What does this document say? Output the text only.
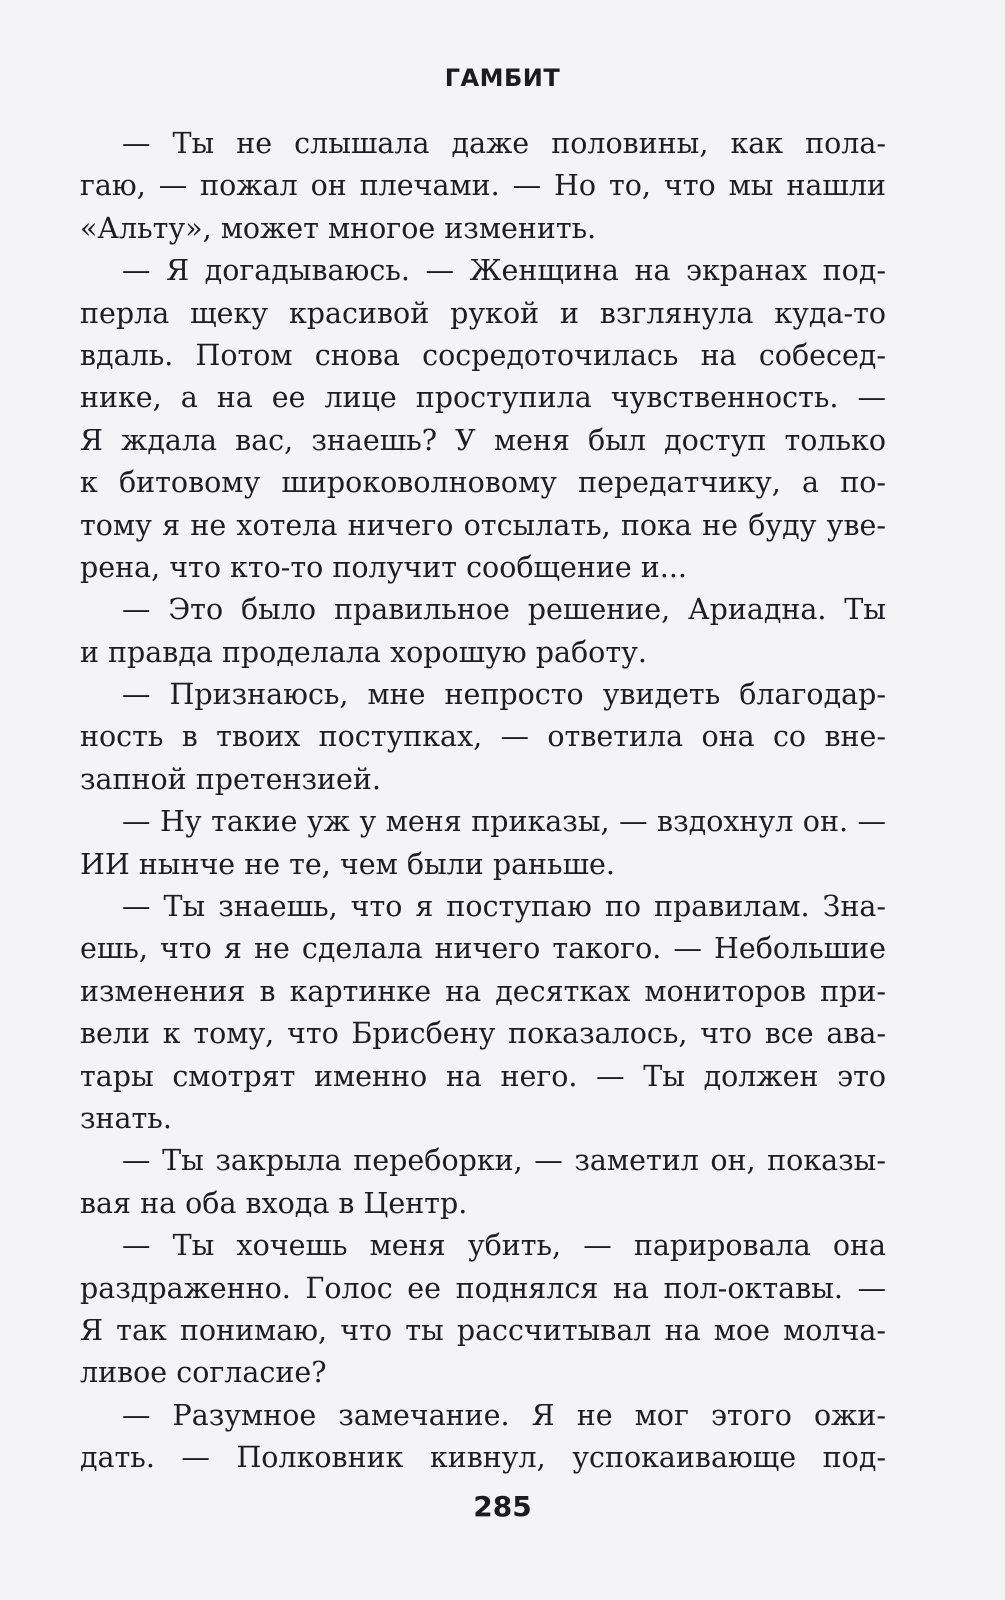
ГАМБИТ
— Ты не слышала даже половины, как пола-
гаю, — пожал он плечами. — Но то, что мы нашли
«Альту», может многое изменить.
— Я догадываюсь. — Женщина на экранах под-
перла щеку красивой рукой и взглянула куда-то
вдаль. Потом снова сосредоточилась на собесед-
нике, а на ее лице проступила чувственность. —
Я ждала вас, знаешь? У меня был доступ только
к битовому широковолновому передатчику, а по-
тому я не хотела ничего отсылать, пока не буду уве-
рена, что кто-то получит сообщение и...
— Это было правильное решение, Ариадна. Ты
и правда проделала хорошую работу.
— Признаюсь, мне непросто увидеть благодар-
ность в твоих поступках, — ответила она со вне-
запной претензией.
— Ну такие уж у меня приказы, — вздохнул он. —
ИИ нынче не те, чем были раньше.
— Ты знаешь, что я поступаю по правилам. Зна-
ешь, что я не сделала ничего такого. — Небольшие
изменения в картинке на десятках мониторов при-
вели к тому, что Брисбену показалось, что все ава-
тары смотрят именно на него. — Ты должен это
знать.
— Ты закрыла переборки, — заметил он, показы-
вая на оба входа в Центр.
— Ты хочешь меня убить, — парировала она
раздраженно. Голос ее поднялся на пол-октавы. —
Я так понимаю, что ты рассчитывал на мое молча-
ливое согласие?
— Разумное замечание. Я не мог этого ожи-
дать. — Полковник кивнул, успокаивающе под-
285
